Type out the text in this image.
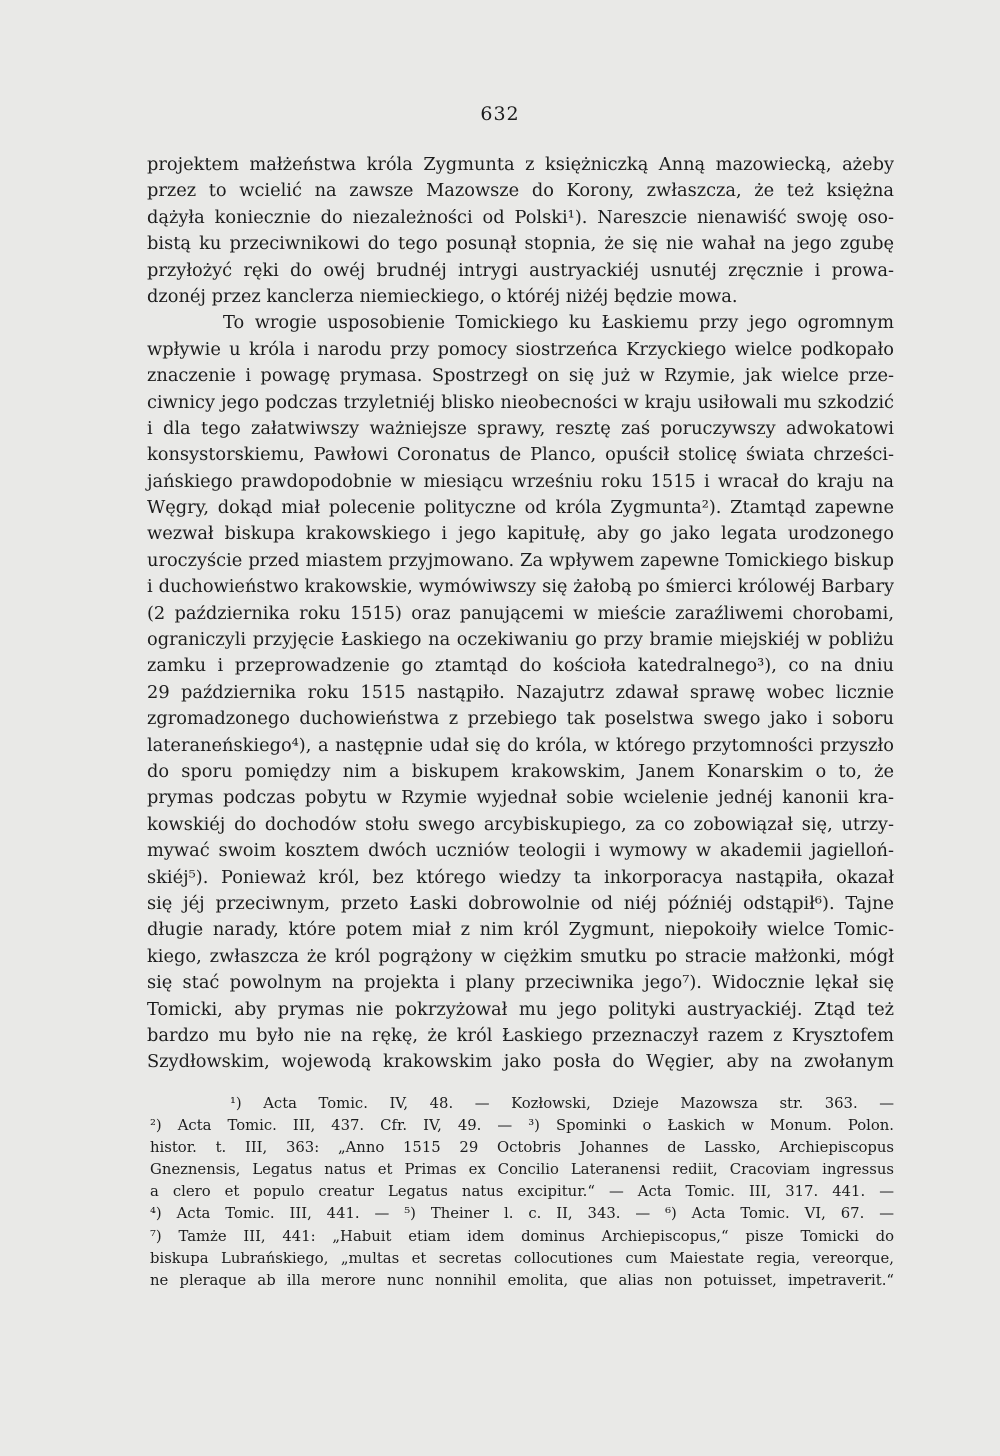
632
projektem małżeństwa króla Zygmunta z księżniczką Anną mazowiecką, ażeby
przez to wcielić na zawsze Mazowsze do Korony, zwłaszcza, że też księżna
dążyła koniecznie do niezależności od Polski¹). Nareszcie nienawiść swoję oso-
bistą ku przeciwnikowi do tego posunął stopnia, że się nie wahał na jego zgubę
przyłożyć ręki do owéj brudnéj intrygi austryackiéj usnutéj zręcznie i prowa-
dzonéj przez kanclerza niemieckiego, o któréj niżéj będzie mowa.
To wrogie usposobienie Tomickiego ku Łaskiemu przy jego ogromnym
wpływie u króla i narodu przy pomocy siostrzeńca Krzyckiego wielce podkopało
znaczenie i powagę prymasa. Spostrzegł on się już w Rzymie, jak wielce prze-
ciwnicy jego podczas trzyletniéj blisko nieobecności w kraju usiłowali mu szkodzić
i dla tego załatwiwszy ważniejsze sprawy, resztę zaś poruczywszy adwokatowi
konsystorskiemu, Pawłowi Coronatus de Planco, opuścił stolicę świata chrześci-
jańskiego prawdopodobnie w miesiącu wrześniu roku 1515 i wracał do kraju na
Węgry, dokąd miał polecenie polityczne od króla Zygmunta²). Ztamtąd zapewne
wezwał biskupa krakowskiego i jego kapitułę, aby go jako legata urodzonego
uroczyście przed miastem przyjmowano. Za wpływem zapewne Tomickiego biskup
i duchowieństwo krakowskie, wymówiwszy się żałobą po śmierci królowéj Barbary
(2 października roku 1515) oraz panującemi w mieście zaraźliwemi chorobami,
ograniczyli przyjęcie Łaskiego na oczekiwaniu go przy bramie miejskiéj w pobliżu
zamku i przeprowadzenie go ztamtąd do kościoła katedralnego³), co na dniu
29 października roku 1515 nastąpiło. Nazajutrz zdawał sprawę wobec licznie
zgromadzonego duchowieństwa z przebiego tak poselstwa swego jako i soboru
lateraneńskiego⁴), a następnie udał się do króla, w którego przytomności przyszło
do sporu pomiędzy nim a biskupem krakowskim, Janem Konarskim o to, że
prymas podczas pobytu w Rzymie wyjednał sobie wcielenie jednéj kanonii kra-
kowskiéj do dochodów stołu swego arcybiskupiego, za co zobowiązał się, utrzy-
mywać swoim kosztem dwóch uczniów teologii i wymowy w akademii jagielloń-
skiéj⁵). Ponieważ król, bez którego wiedzy ta inkorporacya nastąpiła, okazał
się jéj przeciwnym, przeto Łaski dobrowolnie od niéj późniéj odstąpił⁶). Tajne
długie narady, które potem miał z nim król Zygmunt, niepokoiły wielce Tomic-
kiego, zwłaszcza że król pogrążony w ciężkim smutku po stracie małżonki, mógł
się stać powolnym na projekta i plany przeciwnika jego⁷). Widocznie lękał się
Tomicki, aby prymas nie pokrzyżował mu jego polityki austryackiéj. Ztąd też
bardzo mu było nie na rękę, że król Łaskiego przeznaczył razem z Krysztofem
Szydłowskim, wojewodą krakowskim jako posła do Węgier, aby na zwołanym
¹) Acta Tomic. IV, 48. — Kozłowski, Dzieje Mazowsza str. 363. —
²) Acta Tomic. III, 437. Cfr. IV, 49. — ³) Spominki o Łaskich w Monum. Polon.
histor. t. III, 363: „Anno 1515 29 Octobris Johannes de Lassko, Archiepiscopus
Gneznensis, Legatus natus et Primas ex Concilio Lateranensi rediit, Cracoviam ingressus
a clero et populo creatur Legatus natus excipitur.“ — Acta Tomic. III, 317. 441. —
⁴) Acta Tomic. III, 441. — ⁵) Theiner l. c. II, 343. — ⁶) Acta Tomic. VI, 67. —
⁷) Tamże III, 441: „Habuit etiam idem dominus Archiepiscopus,“ pisze Tomicki do
biskupa Lubrańskiego, „multas et secretas collocutiones cum Maiestate regia, vereorque,
ne pleraque ab illa merore nunc nonnihil emolita, que alias non potuisset, impetraverit.“
